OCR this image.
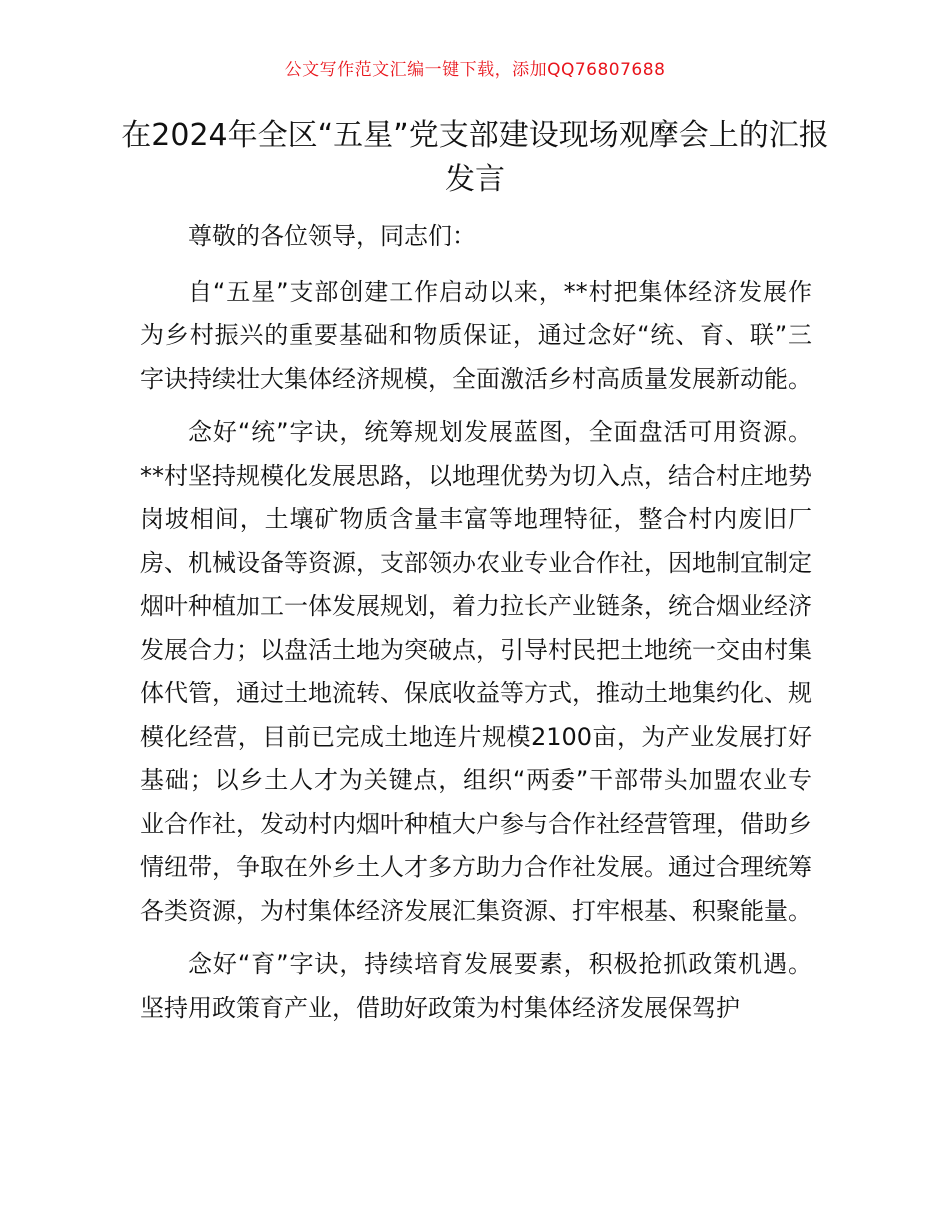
公文写作范文汇编一键下载，添加QQ76807688
在2024年全区“五星”党支部建设现场观摩会上的汇报发言

尊敬的各位领导，同志们：

自“五星”支部创建工作启动以来，**村把集体经济发展作为乡村振兴的重要基础和物质保证，通过念好“统、育、联”三字诀持续壮大集体经济规模，全面激活乡村高质量发展新动能。

念好“统”字诀，统筹规划发展蓝图，全面盘活可用资源。**村坚持规模化发展思路，以地理优势为切入点，结合村庄地势岗坡相间，土壤矿物质含量丰富等地理特征，整合村内废旧厂房、机械设备等资源，支部领办农业专业合作社，因地制宜制定烟叶种植加工一体发展规划，着力拉长产业链条，统合烟业经济发展合力；以盘活土地为突破点，引导村民把土地统一交由村集体代管，通过土地流转、保底收益等方式，推动土地集约化、规模化经营，目前已完成土地连片规模2100亩，为产业发展打好基础；以乡土人才为关键点，组织“两委”干部带头加盟农业专业合作社，发动村内烟叶种植大户参与合作社经营管理，借助乡情纽带，争取在外乡土人才多方助力合作社发展。通过合理统筹各类资源，为村集体经济发展汇集资源、打牢根基、积聚能量。

念好“育”字诀，持续培育发展要素，积极抢抓政策机遇。坚持用政策育产业，借助好政策为村集体经济发展保驾护
